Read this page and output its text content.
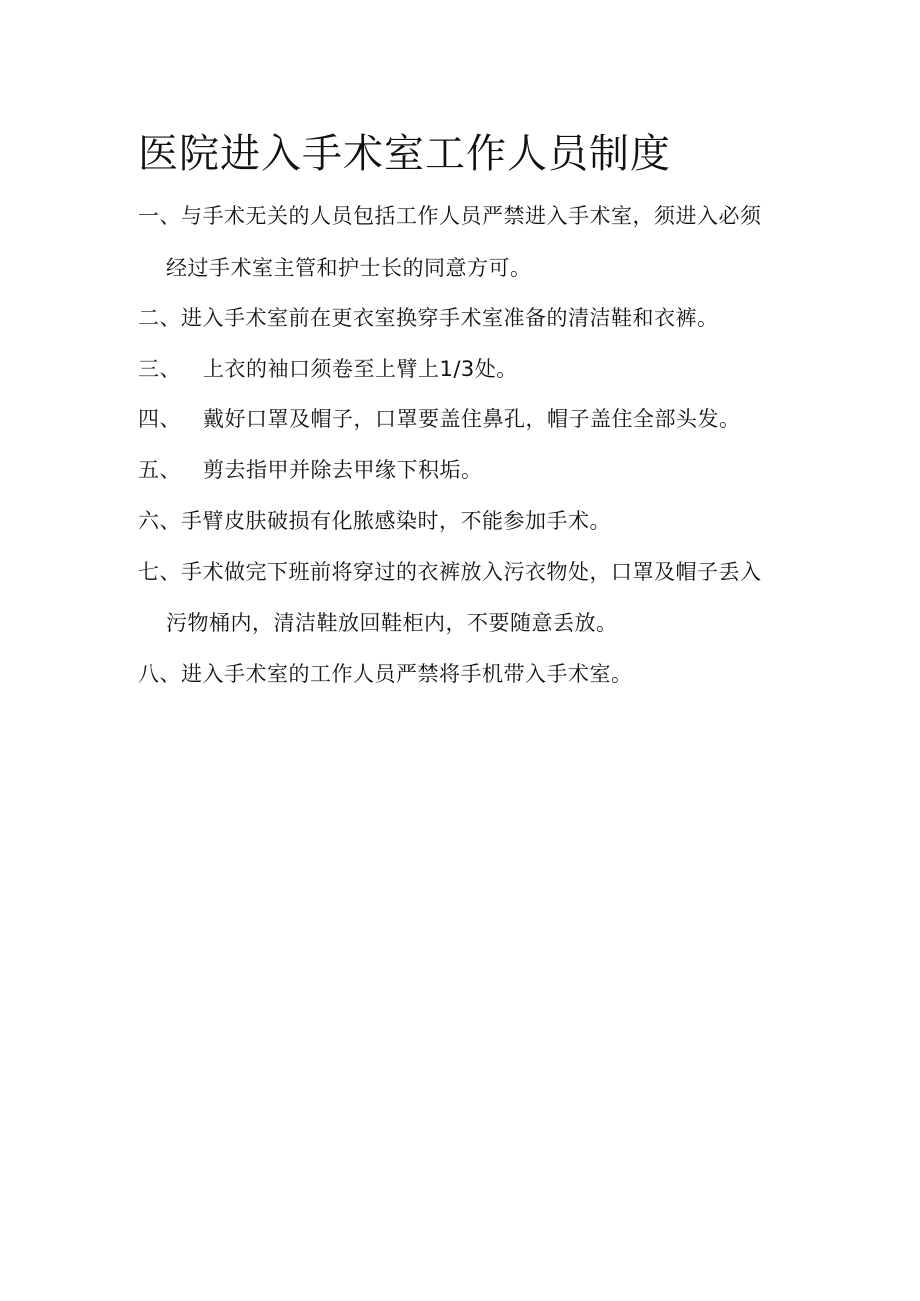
医院进入手术室工作人员制度
一、与手术无关的人员包括工作人员严禁进入手术室，须进入必须
经过手术室主管和护士长的同意方可。
二、进入手术室前在更衣室换穿手术室准备的清洁鞋和衣裤。
三、 上衣的袖口须卷至上臂上1/3处。
四、 戴好口罩及帽子，口罩要盖住鼻孔，帽子盖住全部头发。
五、 剪去指甲并除去甲缘下积垢。
六、手臂皮肤破损有化脓感染时，不能参加手术。
七、手术做完下班前将穿过的衣裤放入污衣物处，口罩及帽子丢入
污物桶内，清洁鞋放回鞋柜内，不要随意丢放。
八、进入手术室的工作人员严禁将手机带入手术室。
